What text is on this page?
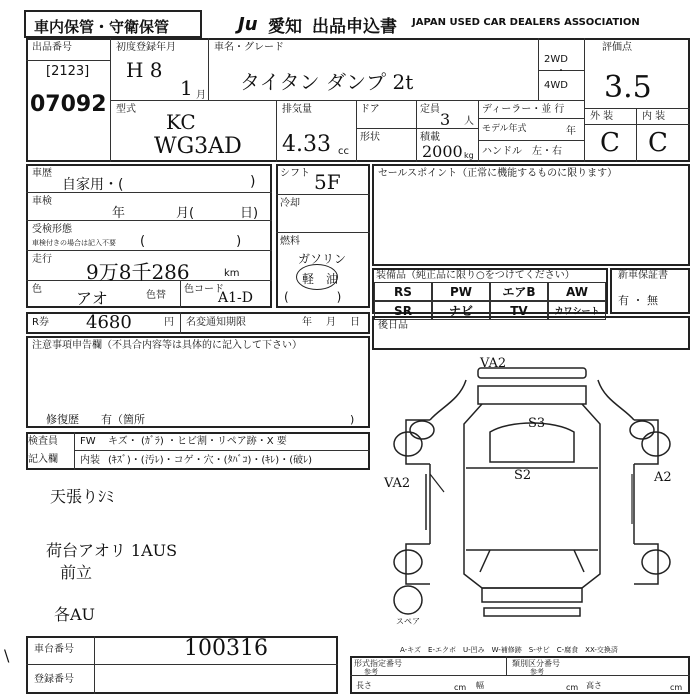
車内保管・守衛保管	Ju 愛知 出品申込書 JAPAN USED CAR DEALERS ASSOCIATION
出品番号
[2123]
07092
初度登録年月
H 8
1 月
車名・グレード
タイタン ダンプ 2t
2WD
・
4WD
評価点
3.5
型式
KC
WG3AD
排気量
4.33 cc
ドア
形状
定員
3 人
積載
2000 kg
ディーラー・並 行
モデル年式	年
ハンドル　左・右
外 装	内 装
C C
車歴
自家用・(	)
車検
年	月(	日)
受検形態
車検付きの場合は記入不要 (　　　　　　　)
走行
9万8千286	km
色 アオ	色替
色コード
A1-D
シフト 5F
冷却
燃料
ガソリン
軽　油
(　　　　)
セールスポイント（正常に機能するものに限ります）
装備品（純正品に限り○をつけてください）
RS	PW	エアB	AW
SR	ナビ	TV	カワシート
新車保証書
有 ・ 無
R券 4680	円 名変通知期限	年 月 日 後日品
注意事項申告欄（不具合内容等は具体的に記入して下さい）
修復歴　　有（箇所	)
検査員
記入欄
FW キズ・ (ｶﾞﾗ) ・ヒビ割・リペア跡・X 要
内装 (ｷｽﾞ)・(汚ﾚ)・コゲ・穴・(ﾀﾊﾞｺ)・(ｷﾚ)・(破ﾚ)
天張りｼﾐ
荷台アオリ 1AUS
前立
各AU
\ 車台番号	100316
登録番号
VA2
S3
S2
VA2	A2
スペア
A-キズ　E-エクボ　U-凹み　W-補修跡　S-サビ　C-腐食　XX-交換済
形式指定番号
参考
類別区分番号
参考
長さ	cm 幅	cm 高さ	cm
